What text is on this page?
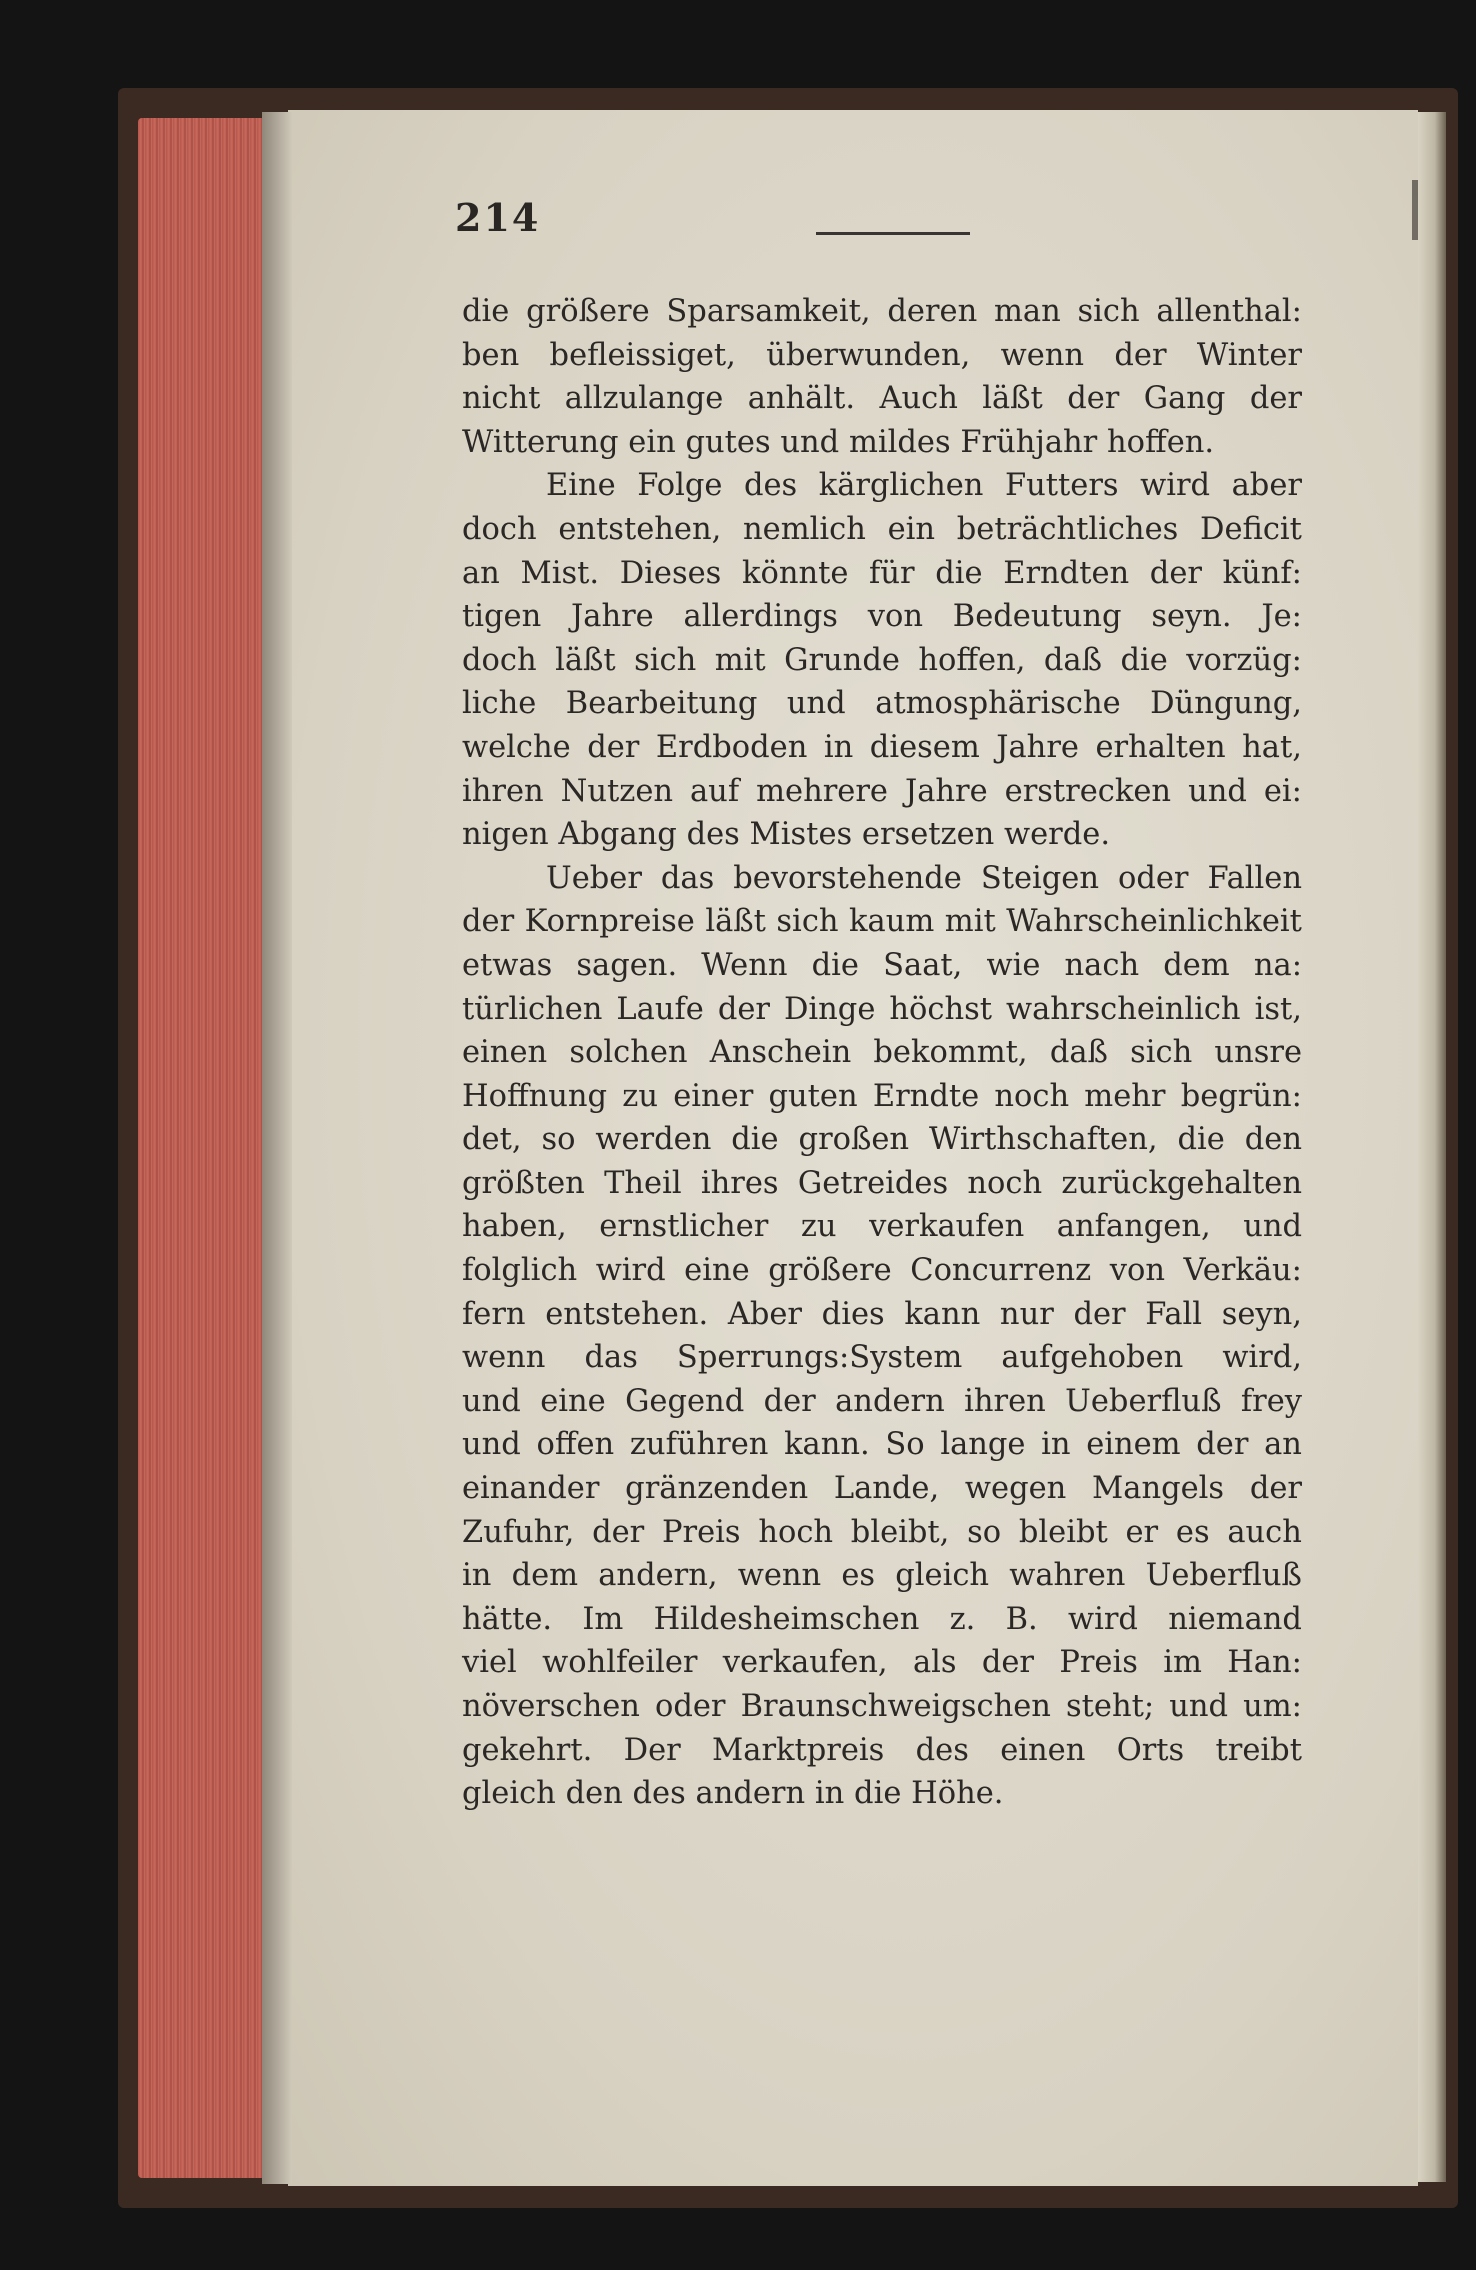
214
die größere Sparsamkeit, deren man sich allenthal:
ben befleissiget, überwunden, wenn der Winter
nicht allzulange anhält. Auch läßt der Gang der
Witterung ein gutes und mildes Frühjahr hoffen.
Eine Folge des kärglichen Futters wird aber
doch entstehen, nemlich ein beträchtliches Deficit
an Mist. Dieses könnte für die Erndten der künf:
tigen Jahre allerdings von Bedeutung seyn. Je:
doch läßt sich mit Grunde hoffen, daß die vorzüg:
liche Bearbeitung und atmosphärische Düngung,
welche der Erdboden in diesem Jahre erhalten hat,
ihren Nutzen auf mehrere Jahre erstrecken und ei:
nigen Abgang des Mistes ersetzen werde.
Ueber das bevorstehende Steigen oder Fallen
der Kornpreise läßt sich kaum mit Wahrscheinlichkeit
etwas sagen. Wenn die Saat, wie nach dem na:
türlichen Laufe der Dinge höchst wahrscheinlich ist,
einen solchen Anschein bekommt, daß sich unsre
Hoffnung zu einer guten Erndte noch mehr begrün:
det, so werden die großen Wirthschaften, die den
größten Theil ihres Getreides noch zurückgehalten
haben, ernstlicher zu verkaufen anfangen, und
folglich wird eine größere Concurrenz von Verkäu:
fern entstehen. Aber dies kann nur der Fall seyn,
wenn das Sperrungs:System aufgehoben wird,
und eine Gegend der andern ihren Ueberfluß frey
und offen zuführen kann. So lange in einem der an
einander gränzenden Lande, wegen Mangels der
Zufuhr, der Preis hoch bleibt, so bleibt er es auch
in dem andern, wenn es gleich wahren Ueberfluß
hätte. Im Hildesheimschen z. B. wird niemand
viel wohlfeiler verkaufen, als der Preis im Han:
növerschen oder Braunschweigschen steht; und um:
gekehrt. Der Marktpreis des einen Orts treibt
gleich den des andern in die Höhe.
